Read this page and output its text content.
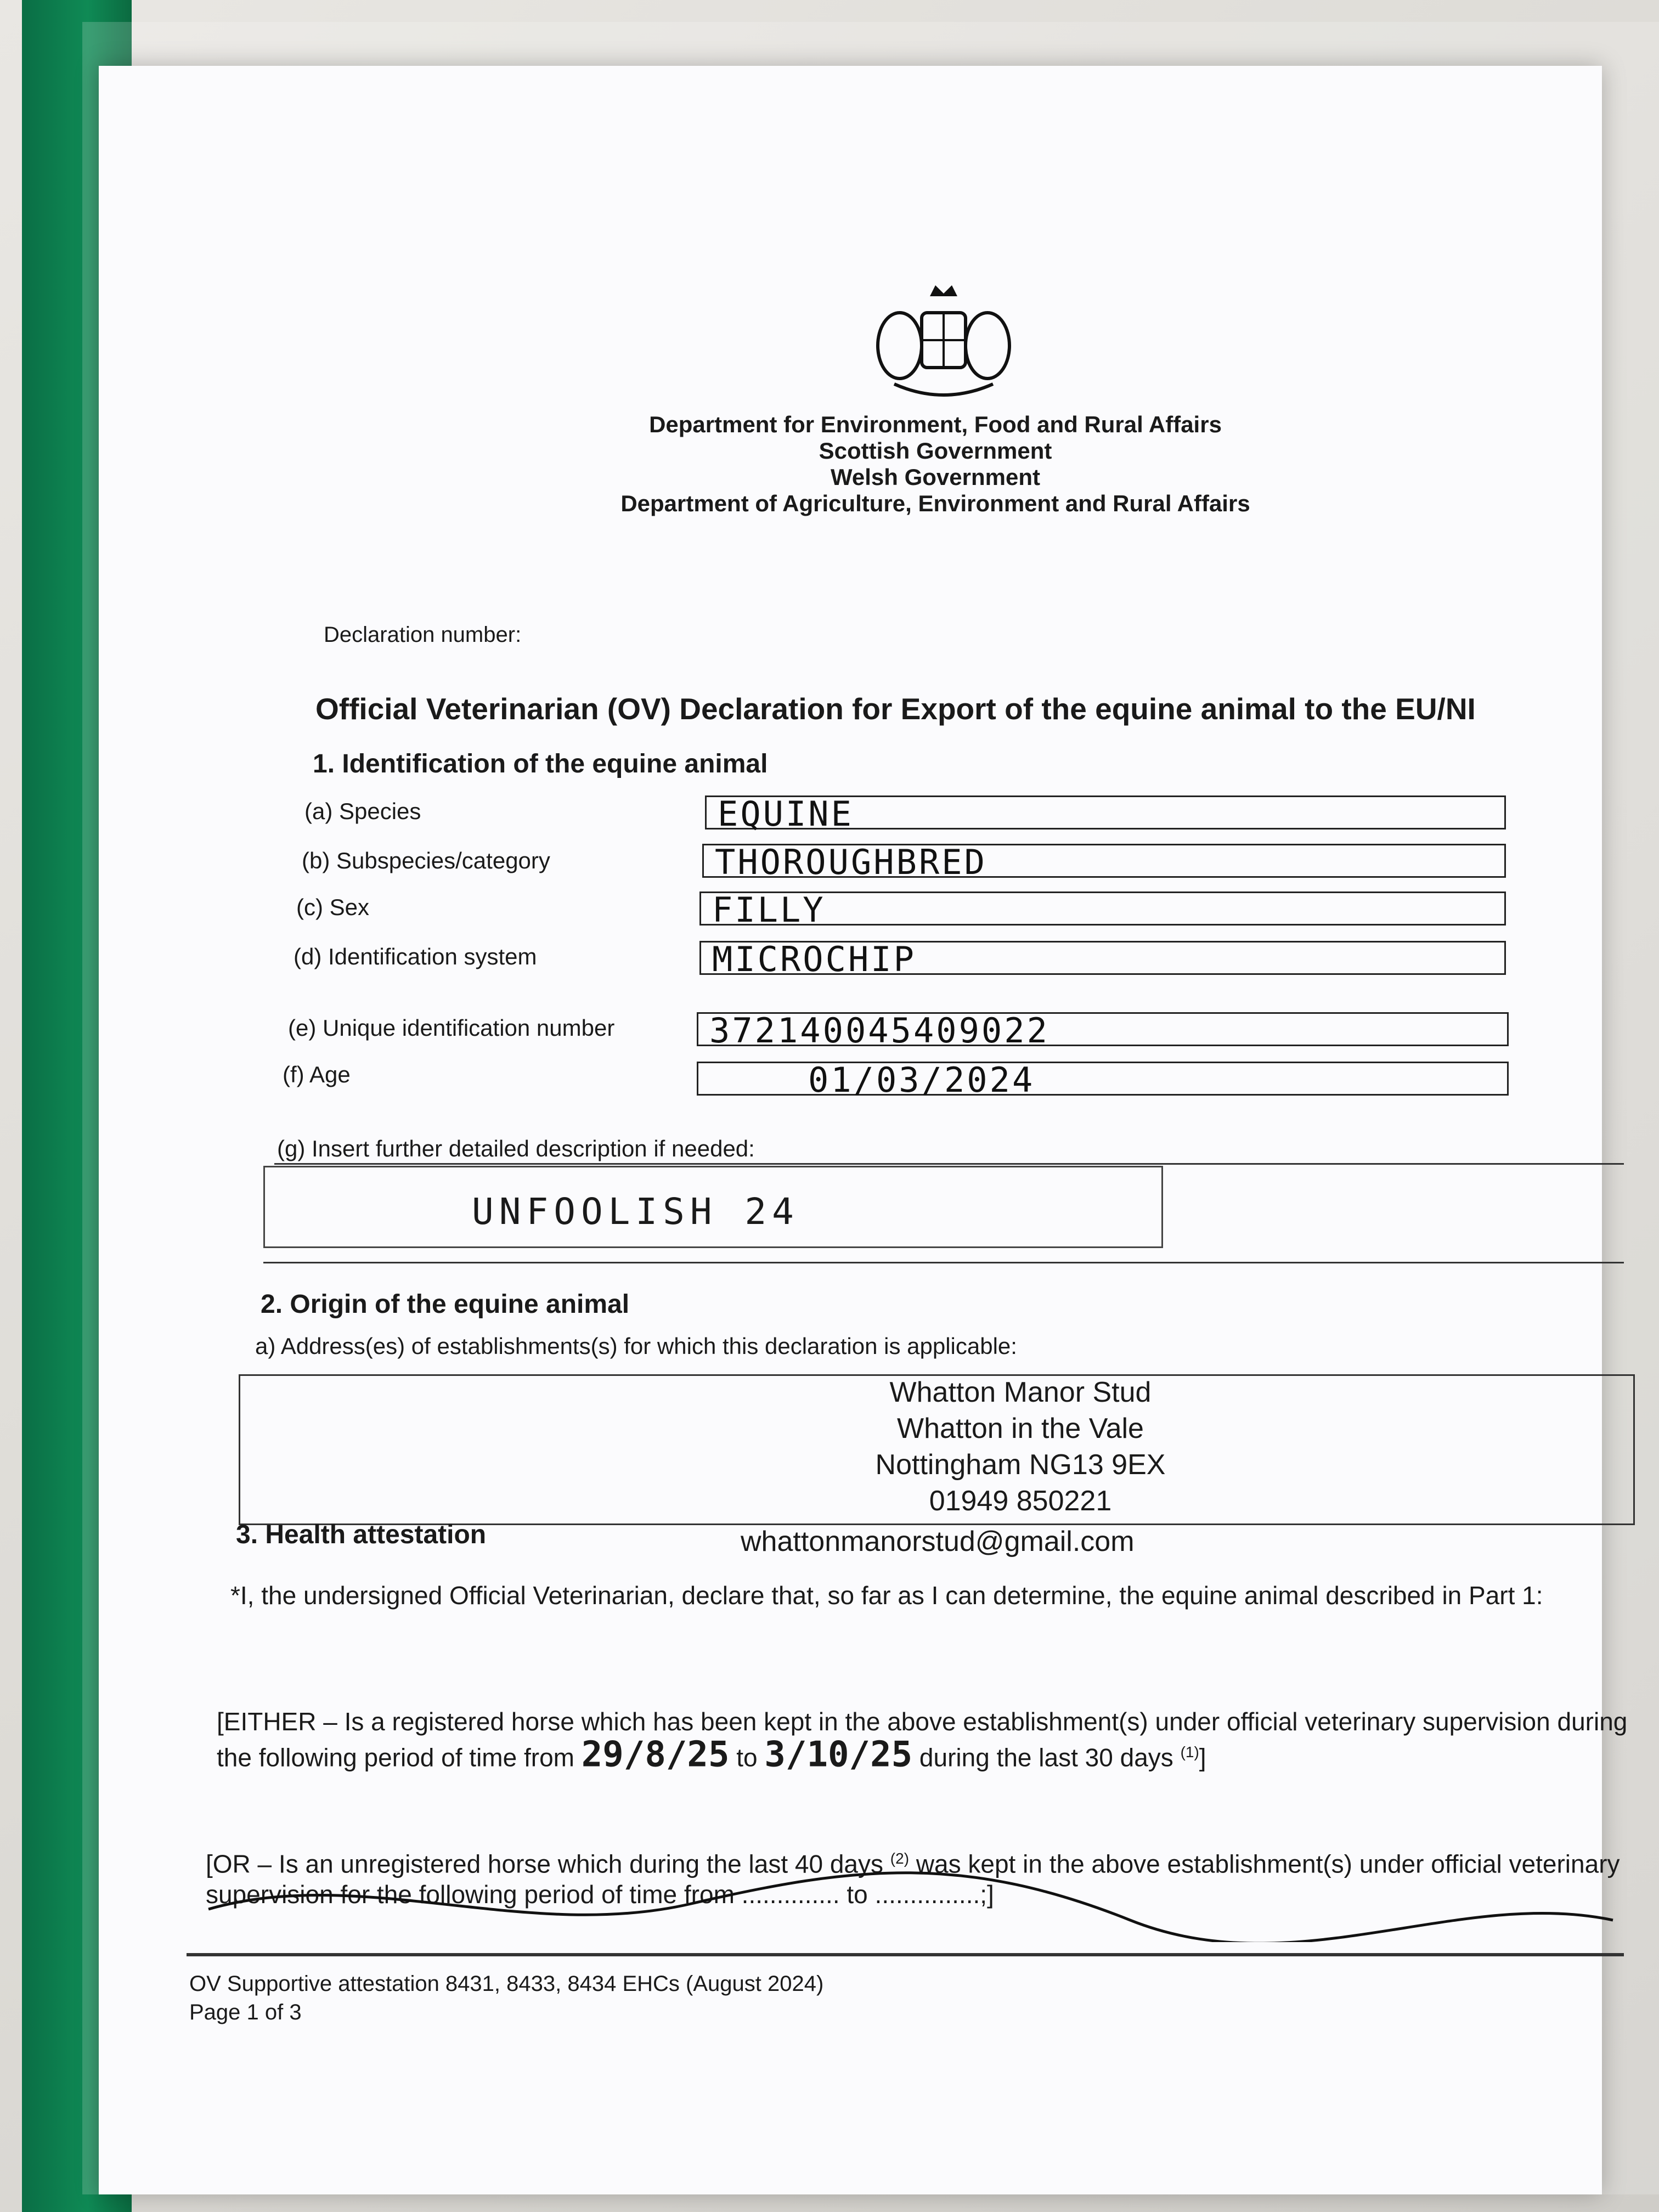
Department for Environment, Food and Rural Affairs
Scottish Government
Welsh Government
Department of Agriculture, Environment and Rural Affairs
Declaration number:
Official Veterinarian (OV) Declaration for Export of the equine animal to the EU/NI
1. Identification of the equine animal
(a) Species	EQUINE
(b) Subspecies/category	THOROUGHBRED
(c) Sex	FILLY
(d) Identification system	MICROCHIP
(e) Unique identification number	372140045409022
(f) Age	01/03/2024
(g) Insert further detailed description if needed:
UNFOOLISH 24
2. Origin of the equine animal
a) Address(es) of establishments(s) for which this declaration is applicable:
Whatton Manor Stud
Whatton in the Vale
Nottingham NG13 9EX
01949 850221
whattonmanorstud@gmail.com
3. Health attestation
*I, the undersigned Official Veterinarian, declare that, so far as I can determine, the equine animal described in Part 1:
[EITHER – Is a registered horse which has been kept in the above establishment(s) under official veterinary supervision during the following period of time from 29/8/25 to 3/10/25 during the last 30 days $^{(1)}$]
[OR – Is an unregistered horse which during the last 40 days $^{(2)}$ was kept in the above establishment(s) under official veterinary supervision for the following period of time from .............. to ...............;]
OV Supportive attestation 8431, 8433, 8434 EHCs (August 2024)
Page 1 of 3
